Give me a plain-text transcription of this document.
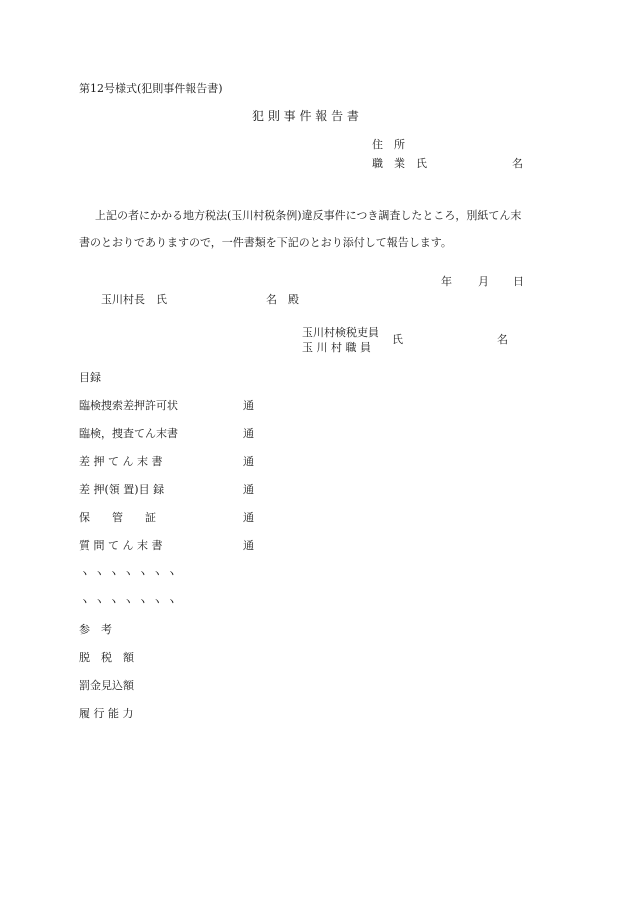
第12号様式(犯則事件報告書)
犯 則 事 件 報 告 書
住　所
職　業　氏	名
上記の者にかかる地方税法(玉川村税条例)違反事件につき調査したところ，別紙てん末
書のとおりでありますので，一件書類を下記のとおり添付して報告します。
年 月 日
玉川村長　氏	名　殿
玉川村検税吏員
玉 川 村 職 員
氏	名
目録
臨検捜索差押許可状	通
臨検，捜査てん末書	通
差 押 て ん 末 書	通
差 押(領 置)目 録	通
保　　管　　証	通
質 問 て ん 末 書	通
ヽ ヽ ヽ ヽ ヽ ヽ ヽ
ヽ ヽ ヽ ヽ ヽ ヽ ヽ
参　考
脱　税　額
罰金見込額
履 行 能 力
